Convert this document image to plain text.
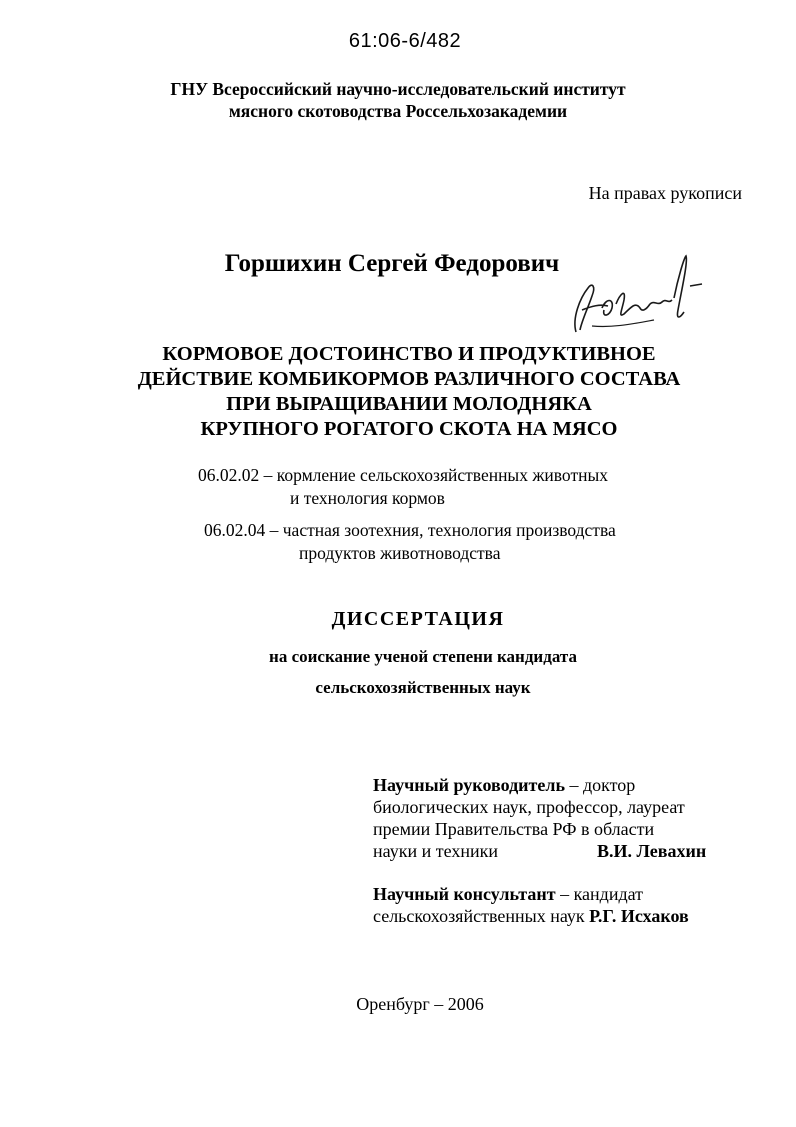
61:06-6/482
ГНУ Всероссийский научно-исследовательский институт
мясного скотоводства Россельхозакадемии
На правах рукописи
Горшихин Сергей Федорович
КОРМОВОЕ ДОСТОИНСТВО И ПРОДУКТИВНОЕ
ДЕЙСТВИЕ КОМБИКОРМОВ РАЗЛИЧНОГО СОСТАВА
ПРИ ВЫРАЩИВАНИИ МОЛОДНЯКА
КРУПНОГО РОГАТОГО СКОТА НА МЯСО
06.02.02 – кормление сельскохозяйственных животных
и технология кормов
06.02.04 – частная зоотехния, технология производства
продуктов животноводства
ДИССЕРТАЦИЯ
на соискание ученой степени кандидата
сельскохозяйственных наук
Научный руководитель – доктор
биологических наук, профессор, лауреат
премии Правительства РФ в области
науки и техники	В.И. Левахин
Научный консультант – кандидат
сельскохозяйственных наук Р.Г. Исхаков
Оренбург – 2006
